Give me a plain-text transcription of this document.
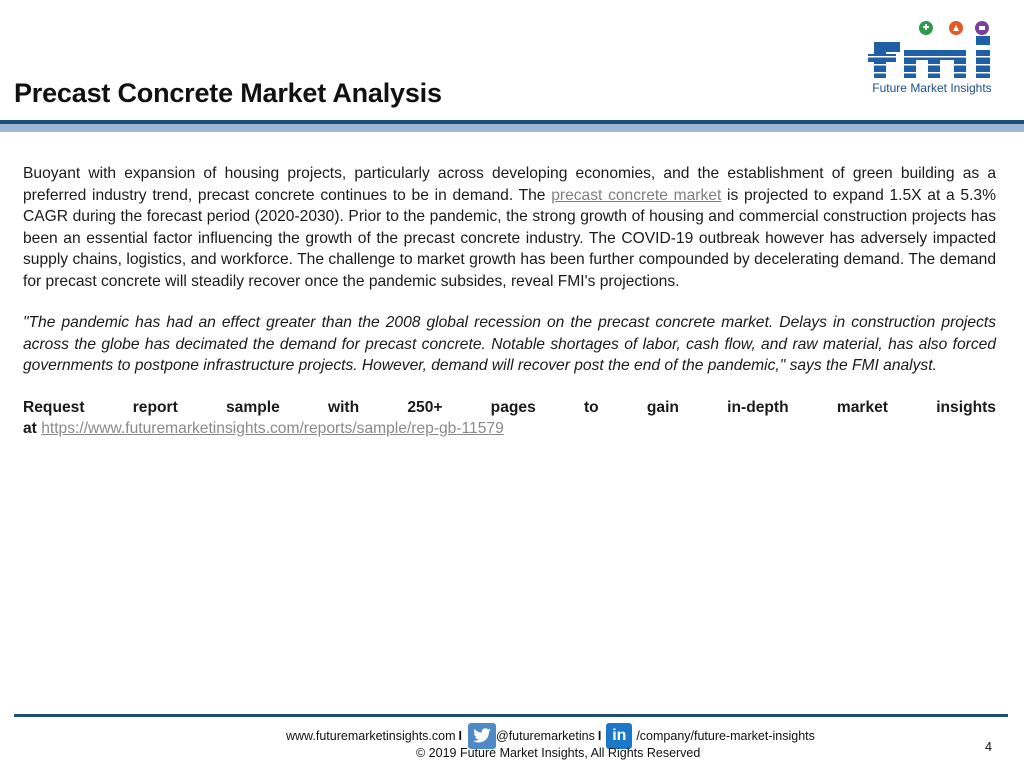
Precast Concrete Market Analysis	Future Market Insights

Buoyant with expansion of housing projects, particularly across developing economies, and the establishment of green building as a preferred industry trend, precast concrete continues to be in demand. The precast concrete market is projected to expand 1.5X at a 5.3% CAGR during the forecast period (2020-2030). Prior to the pandemic, the strong growth of housing and commercial construction projects has been an essential factor influencing the growth of the precast concrete industry. The COVID-19 outbreak however has adversely impacted supply chains, logistics, and workforce. The challenge to market growth has been further compounded by decelerating demand. The demand for precast concrete will steadily recover once the pandemic subsides, reveal FMI's projections.

"The pandemic has had an effect greater than the 2008 global recession on the precast concrete market. Delays in construction projects across the globe has decimated the demand for precast concrete. Notable shortages of labor, cash flow, and raw material, has also forced governments to postpone infrastructure projects. However, demand will recover post the end of the pandemic," says the FMI analyst.

Request	report	sample	with	250+	pages	to	gain	in-depth	market	insights
at https://www.futuremarketinsights.com/reports/sample/rep-gb-11579
www.futuremarketinsights.com I	@futuremarketins I in /company/future-market-insights
© 2019 Future Market Insights, All Rights Reserved	4
